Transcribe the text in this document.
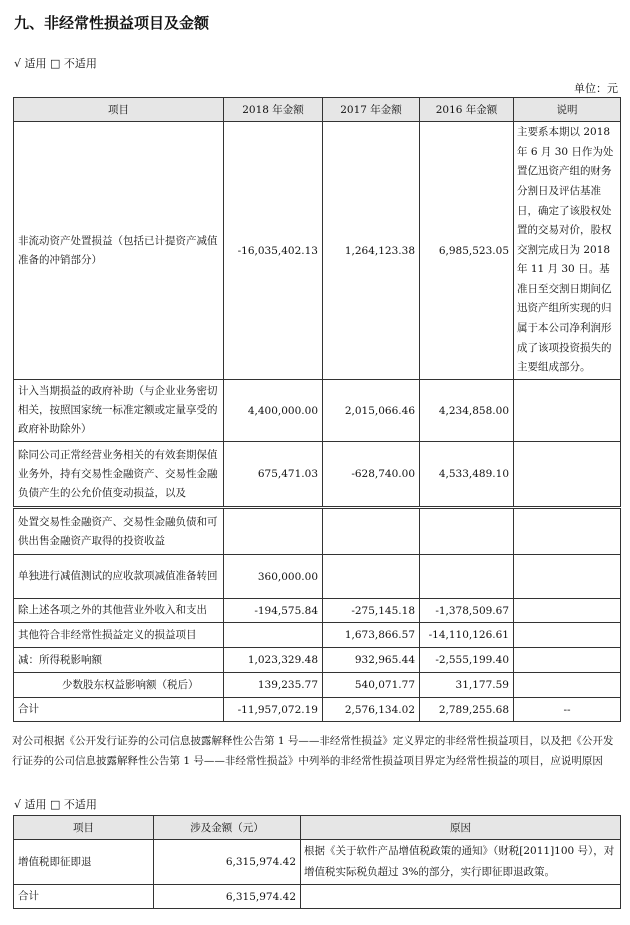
九、非经常性损益项目及金额
√ 适用 □ 不适用
单位：元
项目	2018 年金额	2017 年金额	2016 年金额	说明
非流动资产处置损益（包括已计提资产减值准备的冲销部分）	-16,035,402.13	1,264,123.38	6,985,523.05	主要系本期以 2018 年 6 月 30 日作为处置亿迅资产组的财务分割日及评估基准日，确定了该股权处置的交易对价，股权交割完成日为 2018 年 11 月 30 日。基准日至交割日期间亿迅资产组所实现的归属于本公司净利润形成了该项投资损失的主要组成部分。
计入当期损益的政府补助（与企业业务密切相关，按照国家统一标准定额或定量享受的政府补助除外）	4,400,000.00	2,015,066.46	4,234,858.00	
除同公司正常经营业务相关的有效套期保值业务外，持有交易性金融资产、交易性金融负债产生的公允价值变动损益，以及	675,471.03	-628,740.00	4,533,489.10	
处置交易性金融资产、交易性金融负债和可供出售金融资产取得的投资收益				
单独进行减值测试的应收款项减值准备转回	360,000.00			
除上述各项之外的其他营业外收入和支出	-194,575.84	-275,145.18	-1,378,509.67	
其他符合非经常性损益定义的损益项目		1,673,866.57	-14,110,126.61	
减：所得税影响额	1,023,329.48	932,965.44	-2,555,199.40	
少数股东权益影响额（税后）	139,235.77	540,071.77	31,177.59	
合计	-11,957,072.19	2,576,134.02	2,789,255.68	--
对公司根据《公开发行证券的公司信息披露解释性公告第 1 号——非经常性损益》定义界定的非经常性损益项目，以及把《公开发行证券的公司信息披露解释性公告第 1 号——非经常性损益》中列举的非经常性损益项目界定为经常性损益的项目，应说明原因
√ 适用 □ 不适用
项目	涉及金额（元）	原因
增值税即征即退	6,315,974.42	根据《关于软件产品增值税政策的通知》（财税[2011]100 号），对增值税实际税负超过 3%的部分，实行即征即退政策。
合计	6,315,974.42	
